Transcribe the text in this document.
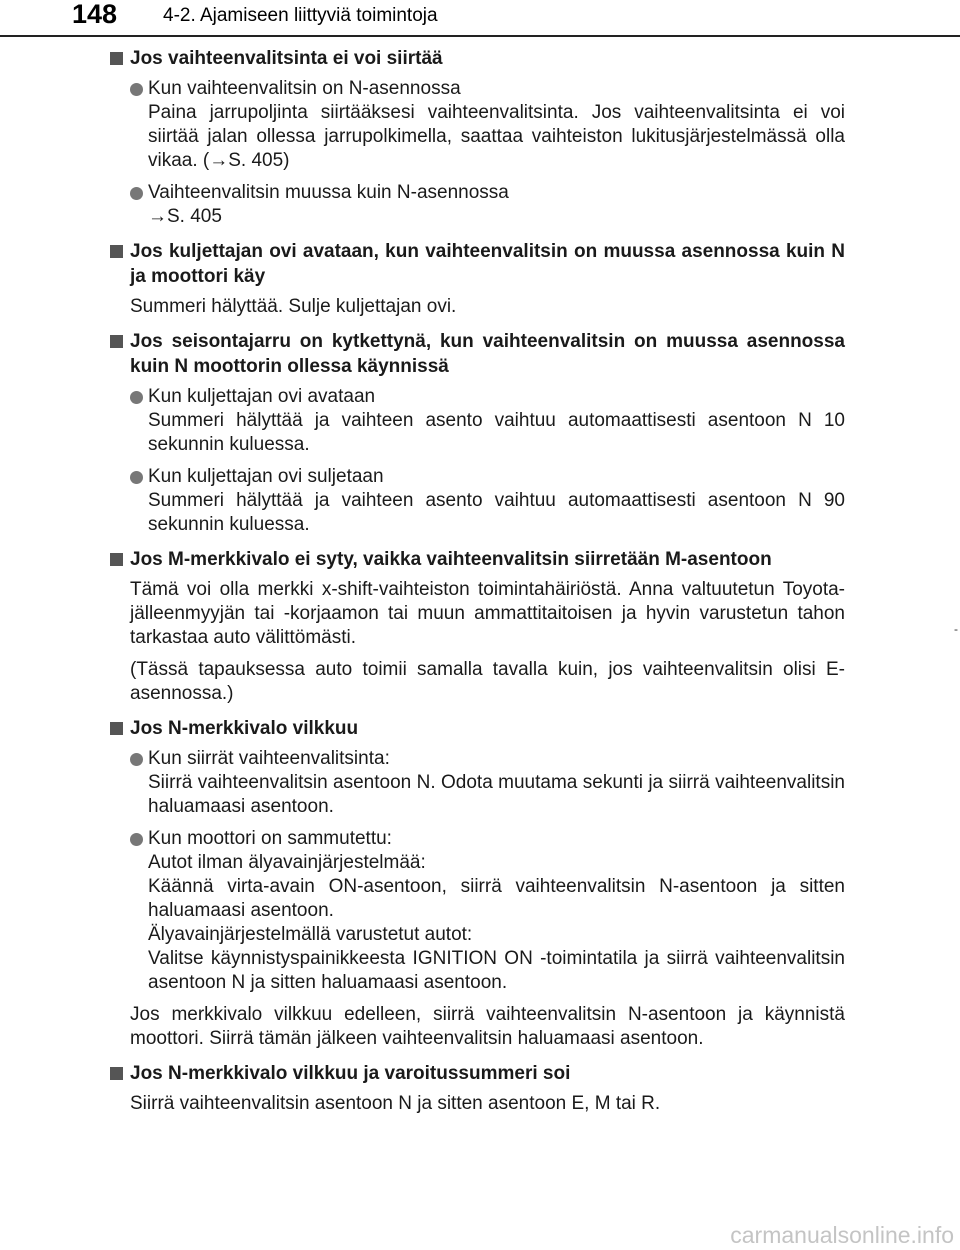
148 4-2. Ajamiseen liittyviä toimintoja
Jos vaihteenvalitsinta ei voi siirtää
Kun vaihteenvalitsin on N-asennossa
Paina jarrupoljinta siirtääksesi vaihteenvalitsinta. Jos vaihteenvalitsinta ei voi siirtää jalan ollessa jarrupolkimella, saattaa vaihteiston lukitusjärjestelmässä olla vikaa. (→S. 405)
Vaihteenvalitsin muussa kuin N-asennossa
→S. 405
Jos kuljettajan ovi avataan, kun vaihteenvalitsin on muussa asennossa kuin N ja moottori käy
Summeri hälyttää. Sulje kuljettajan ovi.
Jos seisontajarru on kytkettynä, kun vaihteenvalitsin on muussa asennossa kuin N moottorin ollessa käynnissä
Kun kuljettajan ovi avataan
Summeri hälyttää ja vaihteen asento vaihtuu automaattisesti asentoon N 10 sekunnin kuluessa.
Kun kuljettajan ovi suljetaan
Summeri hälyttää ja vaihteen asento vaihtuu automaattisesti asentoon N 90 sekunnin kuluessa.
Jos M-merkkivalo ei syty, vaikka vaihteenvalitsin siirretään M-asentoon
Tämä voi olla merkki x-shift-vaihteiston toimintahäiriöstä. Anna valtuutetun Toyota-jälleenmyyjän tai -korjaamon tai muun ammattitaitoisen ja hyvin varustetun tahon tarkastaa auto välittömästi.
(Tässä tapauksessa auto toimii samalla tavalla kuin, jos vaihteenvalitsin olisi E-asennossa.)
Jos N-merkkivalo vilkkuu
Kun siirrät vaihteenvalitsinta:
Siirrä vaihteenvalitsin asentoon N. Odota muutama sekunti ja siirrä vaihteenvalitsin haluamaasi asentoon.
Kun moottori on sammutettu:
Autot ilman älyavainjärjestelmää:
Käännä virta-avain ON-asentoon, siirrä vaihteenvalitsin N-asentoon ja sitten haluamaasi asentoon.
Älyavainjärjestelmällä varustetut autot:
Valitse käynnistyspainikkeesta IGNITION ON -toimintatila ja siirrä vaihteenvalitsin asentoon N ja sitten haluamaasi asentoon.
Jos merkkivalo vilkkuu edelleen, siirrä vaihteenvalitsin N-asentoon ja käynnistä moottori. Siirrä tämän jälkeen vaihteenvalitsin haluamaasi asentoon.
Jos N-merkkivalo vilkkuu ja varoitussummeri soi
Siirrä vaihteenvalitsin asentoon N ja sitten asentoon E, M tai R.
-
carmanualsonline.info
